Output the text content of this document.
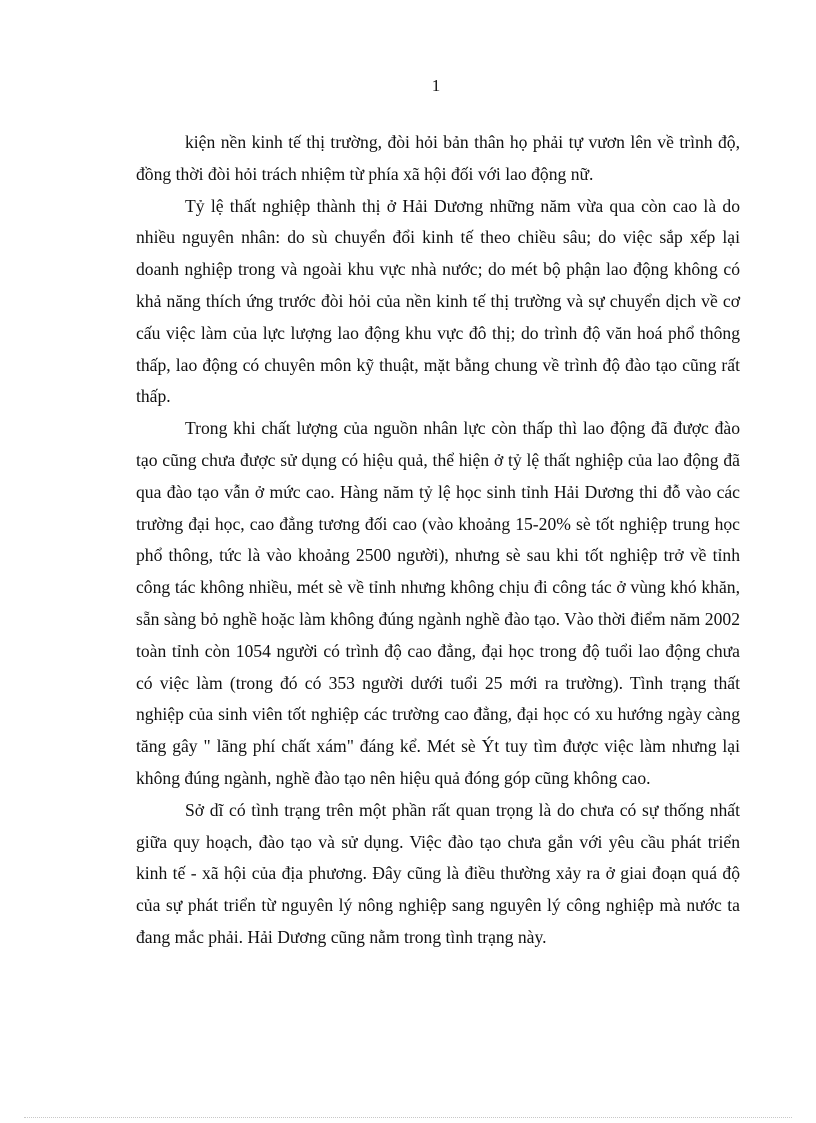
1

kiện nền kinh tế thị trường, đòi hỏi bản thân họ phải tự vươn lên về trình độ, đồng thời đòi hỏi trách nhiệm từ phía xã hội đối với lao động nữ.

Tỷ lệ thất nghiệp thành thị ở Hải Dương những năm vừa qua còn cao là do nhiều nguyên nhân: do sù chuyển đổi kinh tế theo chiều sâu; do việc sắp xếp lại doanh nghiệp trong và ngoài khu vực nhà nước; do mét bộ phận lao động không có khả năng thích ứng trước đòi hỏi của nền kinh tế thị trường và sự chuyển dịch về cơ cấu việc làm của lực lượng lao động khu vực đô thị; do trình độ văn hoá phổ thông thấp, lao động có chuyên môn kỹ thuật, mặt bằng chung về trình độ đào tạo cũng rất thấp.

Trong khi chất lượng của nguồn nhân lực còn thấp thì lao động đã được đào tạo cũng chưa được sử dụng có hiệu quả, thể hiện ở tỷ lệ thất nghiệp của lao động đã qua đào tạo vẫn ở mức cao. Hàng năm tỷ lệ học sinh tỉnh Hải Dương thi đỗ vào các trường đại học, cao đẳng tương đối cao (vào khoảng 15-20% sè tốt nghiệp trung học phổ thông, tức là vào khoảng 2500 người), nhưng sè sau khi tốt nghiệp trở về tỉnh công tác không nhiều, mét sè về tỉnh nhưng không chịu đi công tác ở vùng khó khăn, sẵn sàng bỏ nghề hoặc làm không đúng ngành nghề đào tạo. Vào thời điểm năm 2002 toàn tỉnh còn 1054 người có trình độ cao đẳng, đại học trong độ tuổi lao động chưa có việc làm (trong đó có 353 người dưới tuổi 25 mới ra trường). Tình trạng thất nghiệp của sinh viên tốt nghiệp các trường cao đẳng, đại học có xu hướng ngày càng tăng gây " lãng phí chất xám" đáng kể. Mét sè Ýt tuy tìm được việc làm nhưng lại không đúng ngành, nghề đào tạo nên hiệu quả đóng góp cũng không cao.

Sở dĩ có tình trạng trên một phần rất quan trọng là do chưa có sự thống nhất giữa quy hoạch, đào tạo và sử dụng. Việc đào tạo chưa gắn với yêu cầu phát triển kinh tế - xã hội của địa phương. Đây cũng là điều thường xảy ra ở giai đoạn quá độ của sự phát triển từ nguyên lý nông nghiệp sang nguyên lý công nghiệp mà nước ta đang mắc phải. Hải Dương cũng nằm trong tình trạng này.
